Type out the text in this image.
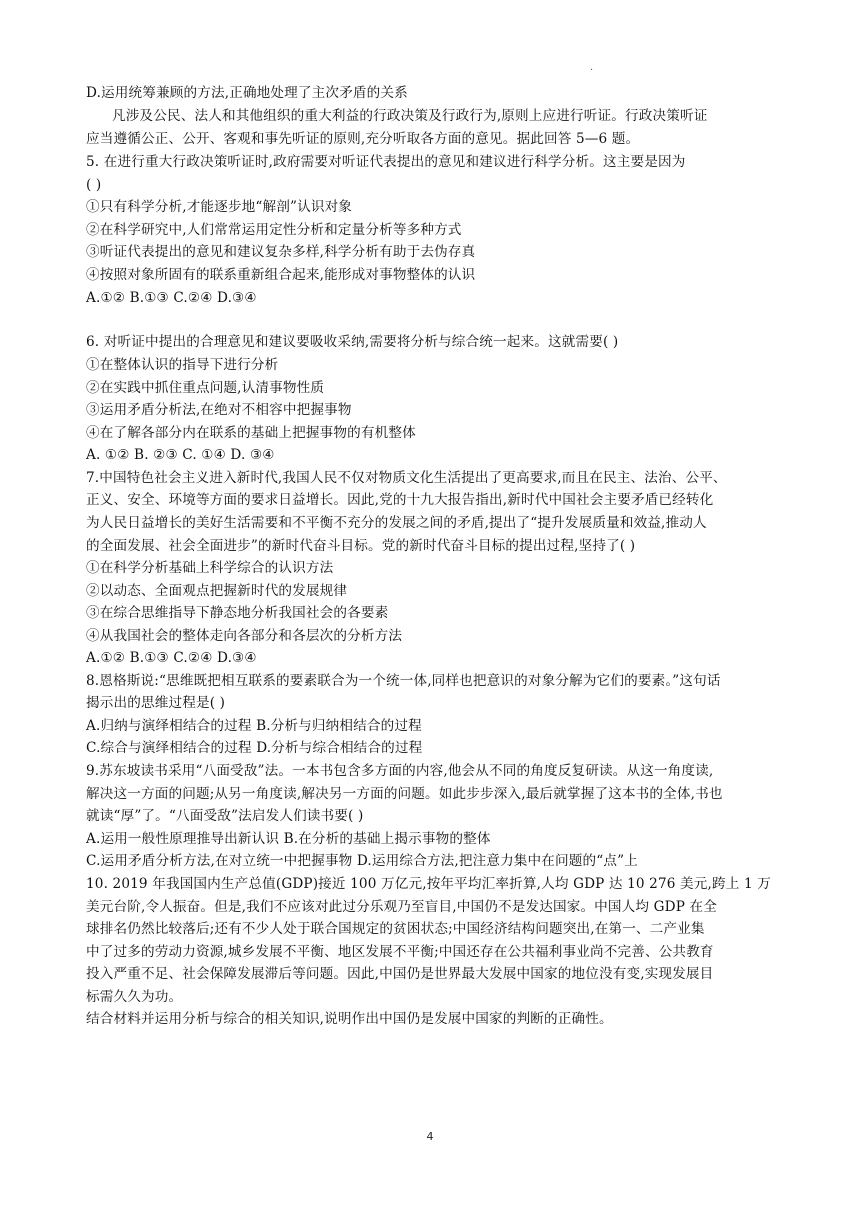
.
D.运用统筹兼顾的方法,正确地处理了主次矛盾的关系
凡涉及公民、法人和其他组织的重大利益的行政决策及行政行为,原则上应进行听证。行政决策听证
应当遵循公正、公开、客观和事先听证的原则,充分听取各方面的意见。据此回答 5—6 题。
5. 在进行重大行政决策听证时,政府需要对听证代表提出的意见和建议进行科学分析。这主要是因为
( )
①只有科学分析,才能逐步地“解剖”认识对象
②在科学研究中,人们常常运用定性分析和定量分析等多种方式
③听证代表提出的意见和建议复杂多样,科学分析有助于去伪存真
④按照对象所固有的联系重新组合起来,能形成对事物整体的认识
A.①② B.①③ C.②④ D.③④
6. 对听证中提出的合理意见和建议要吸收采纳,需要将分析与综合统一起来。这就需要( )
①在整体认识的指导下进行分析
②在实践中抓住重点问题,认清事物性质
③运用矛盾分析法,在绝对不相容中把握事物
④在了解各部分内在联系的基础上把握事物的有机整体
A. ①② B. ②③ C. ①④ D. ③④
7.中国特色社会主义进入新时代,我国人民不仅对物质文化生活提出了更高要求,而且在民主、法治、公平、
正义、安全、环境等方面的要求日益增长。因此,党的十九大报告指出,新时代中国社会主要矛盾已经转化
为人民日益增长的美好生活需要和不平衡不充分的发展之间的矛盾,提出了“提升发展质量和效益,推动人
的全面发展、社会全面进步”的新时代奋斗目标。党的新时代奋斗目标的提出过程,坚持了( )
①在科学分析基础上科学综合的认识方法
②以动态、全面观点把握新时代的发展规律
③在综合思维指导下静态地分析我国社会的各要素
④从我国社会的整体走向各部分和各层次的分析方法
A.①② B.①③ C.②④ D.③④
8.恩格斯说:“思维既把相互联系的要素联合为一个统一体,同样也把意识的对象分解为它们的要素。”这句话
揭示出的思维过程是( )
A.归纳与演绎相结合的过程 B.分析与归纳相结合的过程
C.综合与演绎相结合的过程 D.分析与综合相结合的过程
9.苏东坡读书采用“八面受敌”法。一本书包含多方面的内容,他会从不同的角度反复研读。从这一角度读,
解决这一方面的问题;从另一角度读,解决另一方面的问题。如此步步深入,最后就掌握了这本书的全体,书也
就读“厚”了。“八面受敌”法启发人们读书要( )
A.运用一般性原理推导出新认识 B.在分析的基础上揭示事物的整体
C.运用矛盾分析方法,在对立统一中把握事物 D.运用综合方法,把注意力集中在问题的“点”上
10. 2019 年我国国内生产总值(GDP)接近 100 万亿元,按年平均汇率折算,人均 GDP 达 10 276 美元,跨上 1 万
美元台阶,令人振奋。但是,我们不应该对此过分乐观乃至盲目,中国仍不是发达国家。中国人均 GDP 在全
球排名仍然比较落后;还有不少人处于联合国规定的贫困状态;中国经济结构问题突出,在第一、二产业集
中了过多的劳动力资源,城乡发展不平衡、地区发展不平衡;中国还存在公共福利事业尚不完善、公共教育
投入严重不足、社会保障发展滞后等问题。因此,中国仍是世界最大发展中国家的地位没有变,实现发展目
标需久久为功。
结合材料并运用分析与综合的相关知识,说明作出中国仍是发展中国家的判断的正确性。
4
